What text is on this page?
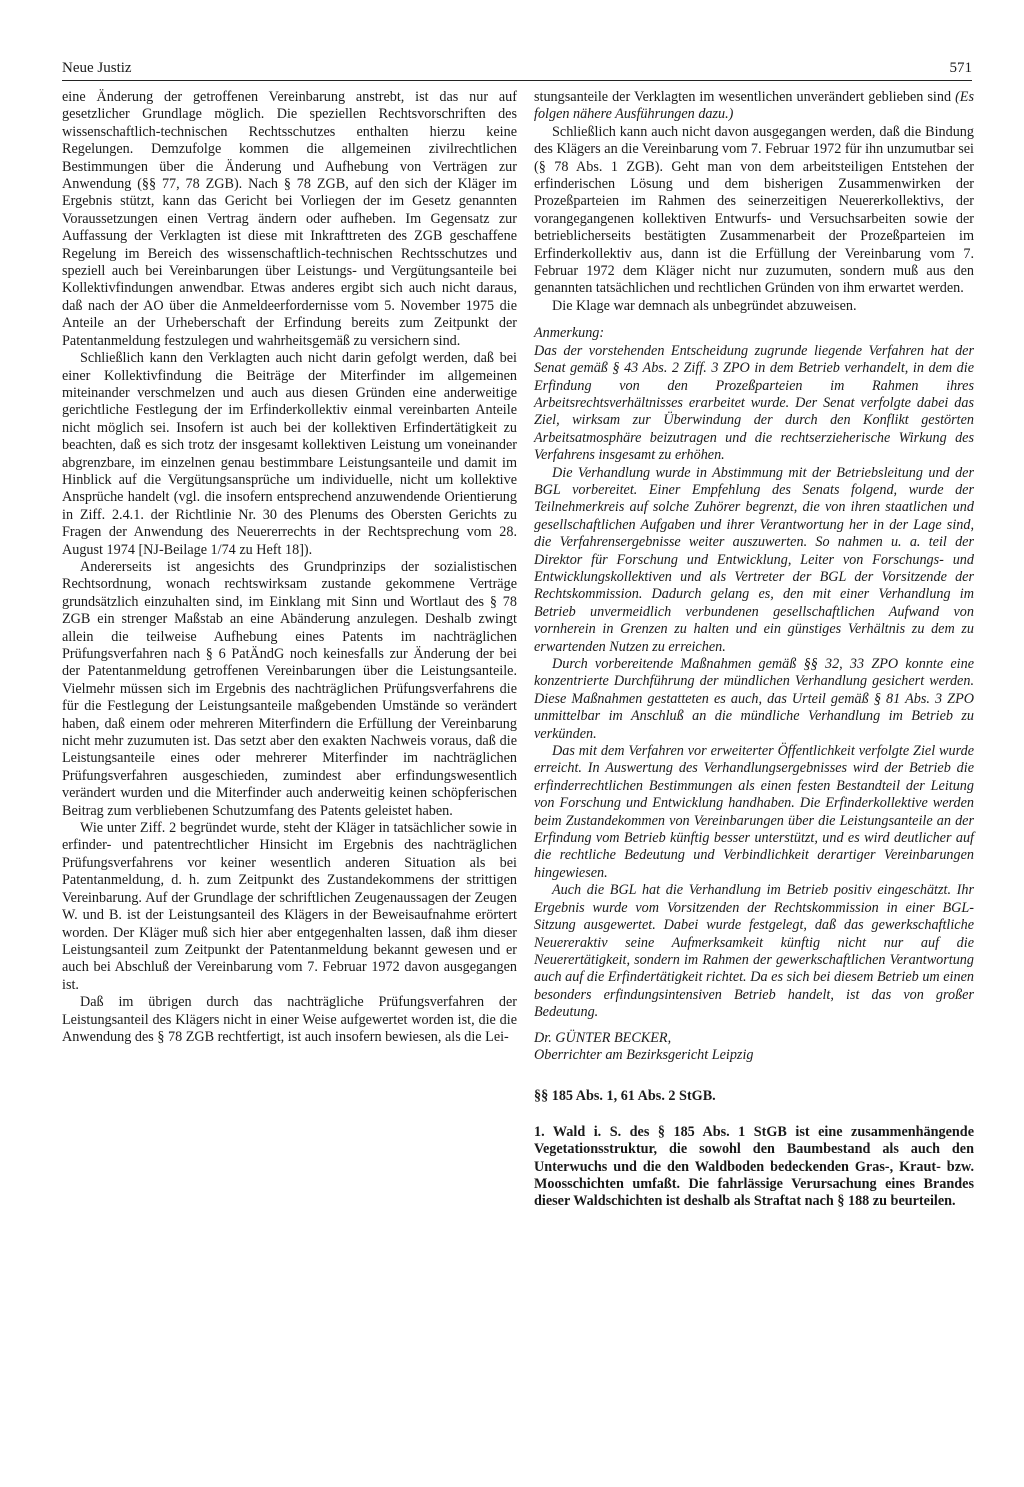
Neue Justiz	571

eine Änderung der getroffenen Vereinbarung anstrebt, ist das nur auf gesetzlicher Grundlage möglich. Die speziellen Rechtsvorschriften des wissenschaftlich-technischen Rechtsschutzes enthalten hierzu keine Regelungen. Demzufolge kommen die allgemeinen zivilrechtlichen Bestimmungen über die Änderung und Aufhebung von Verträgen zur Anwendung (§§ 77, 78 ZGB). Nach § 78 ZGB, auf den sich der Kläger im Ergebnis stützt, kann das Gericht bei Vorliegen der im Gesetz genannten Voraussetzungen einen Vertrag ändern oder aufheben. Im Gegensatz zur Auffassung der Verklagten ist diese mit Inkrafttreten des ZGB geschaffene Regelung im Bereich des wissenschaftlich-technischen Rechtsschutzes und speziell auch bei Vereinbarungen über Leistungs- und Vergütungsanteile bei Kollektivfindungen anwendbar. Etwas anderes ergibt sich auch nicht daraus, daß nach der AO über die Anmeldeerfordernisse vom 5. November 1975 die Anteile an der Urheberschaft der Erfindung bereits zum Zeitpunkt der Patentanmeldung festzulegen und wahrheitsgemäß zu versichern sind.

Schließlich kann den Verklagten auch nicht darin gefolgt werden, daß bei einer Kollektivfindung die Beiträge der Miterfinder im allgemeinen miteinander verschmelzen und auch aus diesen Gründen eine anderweitige gerichtliche Festlegung der im Erfinderkollektiv einmal vereinbarten Anteile nicht möglich sei. Insofern ist auch bei der kollektiven Erfindertätigkeit zu beachten, daß es sich trotz der insgesamt kollektiven Leistung um voneinander abgrenzbare, im einzelnen genau bestimmbare Leistungsanteile und damit im Hinblick auf die Vergütungsansprüche um individuelle, nicht um kollektive Ansprüche handelt (vgl. die insofern entsprechend anzuwendende Orientierung in Ziff. 2.4.1. der Richtlinie Nr. 30 des Plenums des Obersten Gerichts zu Fragen der Anwendung des Neuererrechts in der Rechtsprechung vom 28. August 1974 [NJ-Beilage 1/74 zu Heft 18]).

Andererseits ist angesichts des Grundprinzips der sozialistischen Rechtsordnung, wonach rechtswirksam zustande gekommene Verträge grundsätzlich einzuhalten sind, im Einklang mit Sinn und Wortlaut des § 78 ZGB ein strenger Maßstab an eine Abänderung anzulegen. Deshalb zwingt allein die teilweise Aufhebung eines Patents im nachträglichen Prüfungsverfahren nach § 6 PatÄndG noch keinesfalls zur Änderung der bei der Patentanmeldung getroffenen Vereinbarungen über die Leistungsanteile. Vielmehr müssen sich im Ergebnis des nachträglichen Prüfungsverfahrens die für die Festlegung der Leistungsanteile maßgebenden Umstände so verändert haben, daß einem oder mehreren Miterfindern die Erfüllung der Vereinbarung nicht mehr zuzumuten ist. Das setzt aber den exakten Nachweis voraus, daß die Leistungsanteile eines oder mehrerer Miterfinder im nachträglichen Prüfungsverfahren ausgeschieden, zumindest aber erfindungswesentlich verändert wurden und die Miterfinder auch anderweitig keinen schöpferischen Beitrag zum verbliebenen Schutzumfang des Patents geleistet haben.

Wie unter Ziff. 2 begründet wurde, steht der Kläger in tatsächlicher sowie in erfinder- und patentrechtlicher Hinsicht im Ergebnis des nachträglichen Prüfungsverfahrens vor keiner wesentlich anderen Situation als bei Patentanmeldung, d. h. zum Zeitpunkt des Zustandekommens der strittigen Vereinbarung. Auf der Grundlage der schriftlichen Zeugenaussagen der Zeugen W. und B. ist der Leistungsanteil des Klägers in der Beweisaufnahme erörtert worden. Der Kläger muß sich hier aber entgegenhalten lassen, daß ihm dieser Leistungsanteil zum Zeitpunkt der Patentanmeldung bekannt gewesen und er auch bei Abschluß der Vereinbarung vom 7. Februar 1972 davon ausgegangen ist.

Daß im übrigen durch das nachträgliche Prüfungsverfahren der Leistungsanteil des Klägers nicht in einer Weise aufgewertet worden ist, die die Anwendung des § 78 ZGB rechtfertigt, ist auch insofern bewiesen, als die Lei-

stungsanteile der Verklagten im wesentlichen unverändert geblieben sind (Es folgen nähere Ausführungen dazu.)

Schließlich kann auch nicht davon ausgegangen werden, daß die Bindung des Klägers an die Vereinbarung vom 7. Februar 1972 für ihn unzumutbar sei (§ 78 Abs. 1 ZGB). Geht man von dem arbeitsteiligen Entstehen der erfinderischen Lösung und dem bisherigen Zusammenwirken der Prozeßparteien im Rahmen des seinerzeitigen Neuererkollektivs, der vorangegangenen kollektiven Entwurfs- und Versuchsarbeiten sowie der betrieblicherseits bestätigten Zusammenarbeit der Prozeßparteien im Erfinderkollektiv aus, dann ist die Erfüllung der Vereinbarung vom 7. Februar 1972 dem Kläger nicht nur zuzumuten, sondern muß aus den genannten tatsächlichen und rechtlichen Gründen von ihm erwartet werden.

Die Klage war demnach als unbegründet abzuweisen.

Anmerkung:

Das der vorstehenden Entscheidung zugrunde liegende Verfahren hat der Senat gemäß § 43 Abs. 2 Ziff. 3 ZPO in dem Betrieb verhandelt, in dem die Erfindung von den Prozeßparteien im Rahmen ihres Arbeitsrechtsverhältnisses erarbeitet wurde. Der Senat verfolgte dabei das Ziel, wirksam zur Überwindung der durch den Konflikt gestörten Arbeitsatmosphäre beizutragen und die rechtserzieherische Wirkung des Verfahrens insgesamt zu erhöhen.

Die Verhandlung wurde in Abstimmung mit der Betriebsleitung und der BGL vorbereitet. Einer Empfehlung des Senats folgend, wurde der Teilnehmerkreis auf solche Zuhörer begrenzt, die von ihren staatlichen und gesellschaftlichen Aufgaben und ihrer Verantwortung her in der Lage sind, die Verfahrensergebnisse weiter auszuwerten. So nahmen u. a. teil der Direktor für Forschung und Entwicklung, Leiter von Forschungs- und Entwicklungskollektiven und als Vertreter der BGL der Vorsitzende der Rechtskommission. Dadurch gelang es, den mit einer Verhandlung im Betrieb unvermeidlich verbundenen gesellschaftlichen Aufwand von vornherein in Grenzen zu halten und ein günstiges Verhältnis zu dem zu erwartenden Nutzen zu erreichen.

Durch vorbereitende Maßnahmen gemäß §§ 32, 33 ZPO konnte eine konzentrierte Durchführung der mündlichen Verhandlung gesichert werden. Diese Maßnahmen gestatteten es auch, das Urteil gemäß § 81 Abs. 3 ZPO unmittelbar im Anschluß an die mündliche Verhandlung im Betrieb zu verkünden.

Das mit dem Verfahren vor erweiterter Öffentlichkeit verfolgte Ziel wurde erreicht. In Auswertung des Verhandlungsergebnisses wird der Betrieb die erfinderrechtlichen Bestimmungen als einen festen Bestandteil der Leitung von Forschung und Entwicklung handhaben. Die Erfinderkollektive werden beim Zustandekommen von Vereinbarungen über die Leistungsanteile an der Erfindung vom Betrieb künftig besser unterstützt, und es wird deutlicher auf die rechtliche Bedeutung und Verbindlichkeit derartiger Vereinbarungen hingewiesen.

Auch die BGL hat die Verhandlung im Betrieb positiv eingeschätzt. Ihr Ergebnis wurde vom Vorsitzenden der Rechtskommission in einer BGL-Sitzung ausgewertet. Dabei wurde festgelegt, daß das gewerkschaftliche Neuereraktiv seine Aufmerksamkeit künftig nicht nur auf die Neuerertätigkeit, sondern im Rahmen der gewerkschaftlichen Verantwortung auch auf die Erfindertätigkeit richtet. Da es sich bei diesem Betrieb um einen besonders erfindungsintensiven Betrieb handelt, ist das von großer Bedeutung.

Dr. GÜNTER BECKER,

Oberrichter am Bezirksgericht Leipzig

§§ 185 Abs. 1, 61 Abs. 2 StGB.

1. Wald i. S. des § 185 Abs. 1 StGB ist eine zusammenhängende Vegetationsstruktur, die sowohl den Baumbestand als auch den Unterwuchs und die den Waldboden bedeckenden Gras-, Kraut- bzw. Moosschichten umfaßt. Die fahrlässige Verursachung eines Brandes dieser Waldschichten ist deshalb als Straftat nach § 188 zu beurteilen.
